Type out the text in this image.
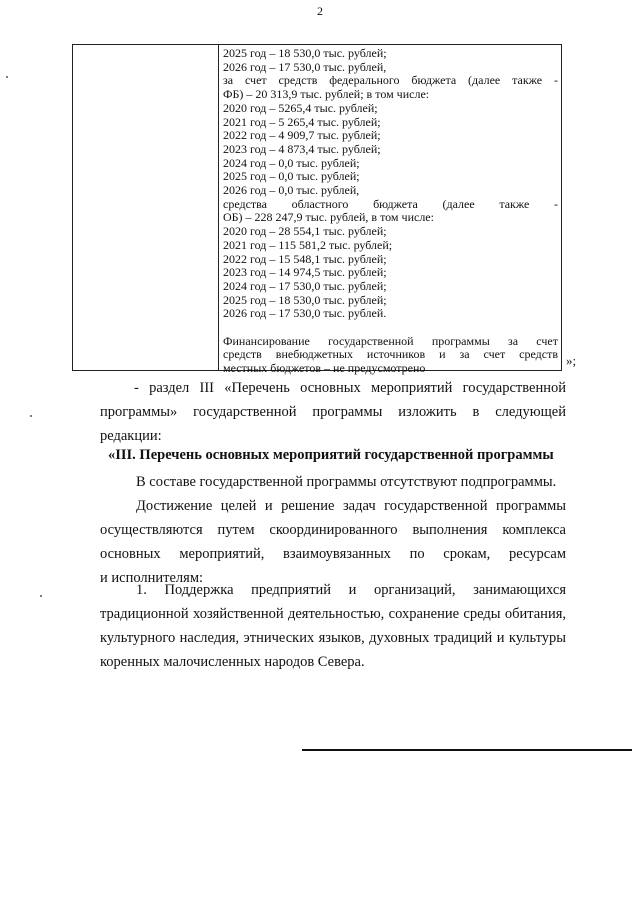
2
2025 год – 18 530,0 тыс. рублей;
2026 год – 17 530,0 тыс. рублей,
за счет средств федерального бюджета (далее также -
ФБ) – 20 313,9 тыс. рублей; в том числе:
2020 год – 5265,4 тыс. рублей;
2021 год – 5 265,4 тыс. рублей;
2022 год – 4 909,7 тыс. рублей;
2023 год – 4 873,4 тыс. рублей;
2024 год – 0,0 тыс. рублей;
2025 год – 0,0 тыс. рублей;
2026 год – 0,0 тыс. рублей,
средства областного бюджета (далее также -
ОБ) – 228 247,9 тыс. рублей, в том числе:
2020 год – 28 554,1 тыс. рублей;
2021 год – 115 581,2 тыс. рублей;
2022 год – 15 548,1 тыс. рублей;
2023 год – 14 974,5 тыс. рублей;
2024 год – 17 530,0 тыс. рублей;
2025 год – 18 530,0 тыс. рублей;
2026 год – 17 530,0 тыс. рублей.
Финансирование государственной программы за счет
средств внебюджетных источников и за счет средств
местных бюджетов – не предусмотрено
»;
- раздел III «Перечень основных мероприятий государственной
программы» государственной программы изложить в следующей
редакции:
«III. Перечень основных мероприятий государственной программы
В составе государственной программы отсутствуют подпрограммы.
Достижение целей и решение задач государственной программы
осуществляются путем скоординированного выполнения комплекса
основных мероприятий, взаимоувязанных по срокам, ресурсам
и исполнителям:
1. Поддержка предприятий и организаций, занимающихся
традиционной хозяйственной деятельностью, сохранение среды обитания,
культурного наследия, этнических языков, духовных традиций и культуры
коренных малочисленных народов Севера.
